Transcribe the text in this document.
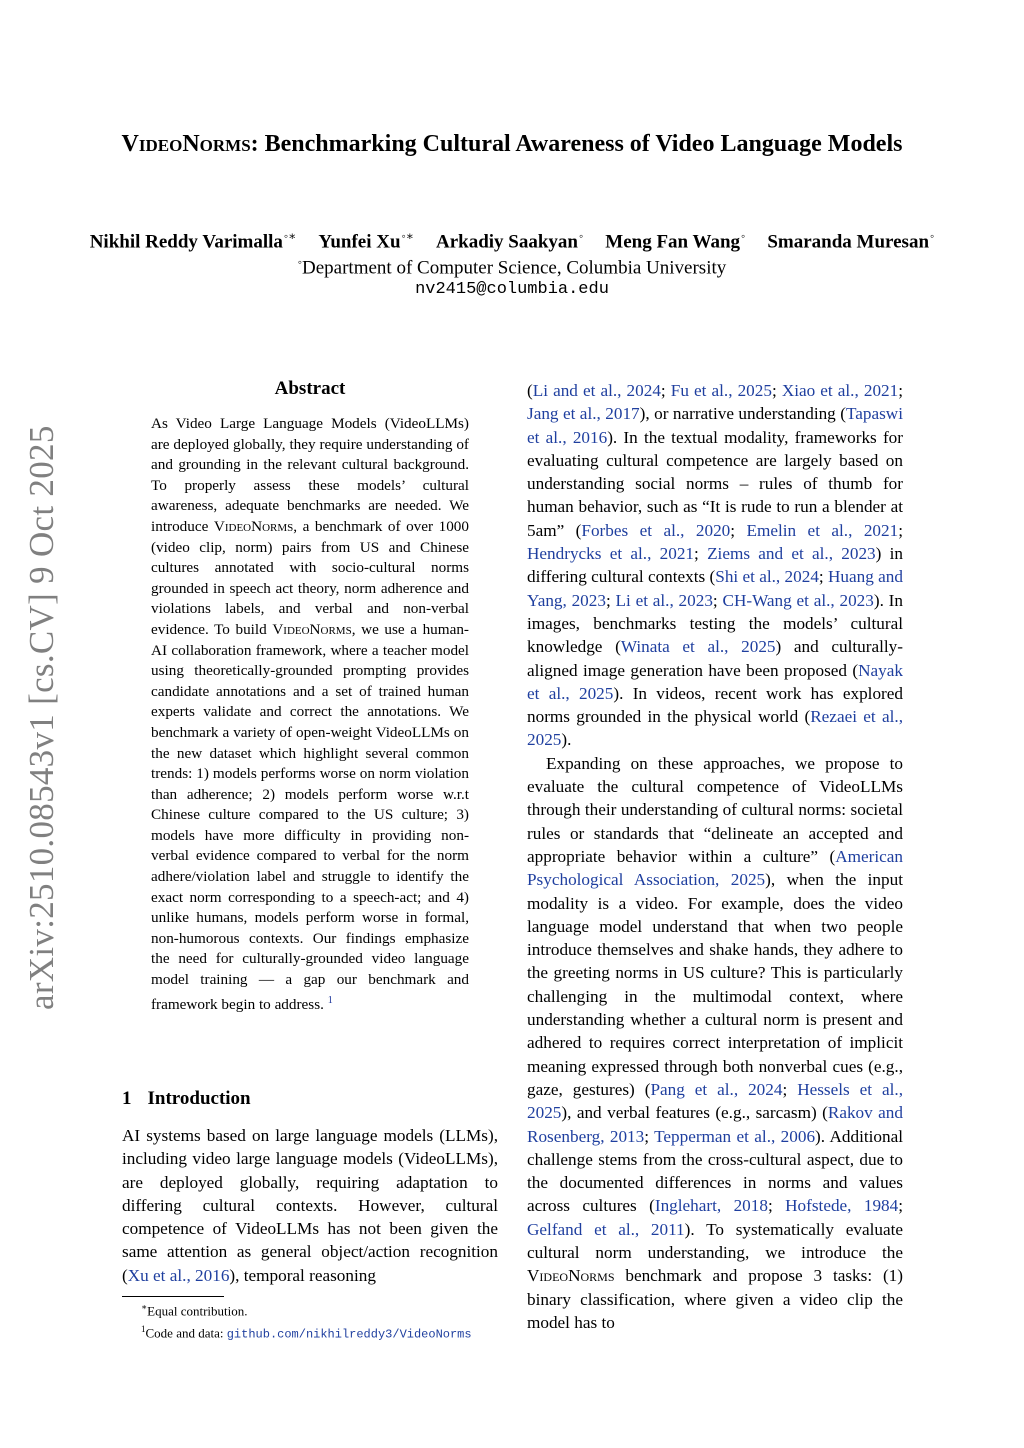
arXiv:2510.08543v1 [cs.CV] 9 Oct 2025
VideoNorms: Benchmarking Cultural Awareness of Video Language Models
Nikhil Reddy Varimalla◦∗ Yunfei Xu◦∗ Arkadiy Saakyan◦ Meng Fan Wang◦ Smaranda Muresan◦
◦Department of Computer Science, Columbia University
nv2415@columbia.edu
Abstract
As Video Large Language Models (VideoLLMs) are deployed globally, they require understanding of and grounding in the relevant cultural background. To properly assess these models’ cultural awareness, adequate benchmarks are needed. We introduce VideoNorms, a benchmark of over 1000 (video clip, norm) pairs from US and Chinese cultures annotated with socio-cultural norms grounded in speech act theory, norm adherence and violations labels, and verbal and non-verbal evidence. To build VideoNorms, we use a human-AI collaboration framework, where a teacher model using theoretically-grounded prompting provides candidate annotations and a set of trained human experts validate and correct the annotations. We benchmark a variety of open-weight VideoLLMs on the new dataset which highlight several common trends: 1) models performs worse on norm violation than adherence; 2) models perform worse w.r.t Chinese culture compared to the US culture; 3) models have more difficulty in providing non-verbal evidence compared to verbal for the norm adhere/violation label and struggle to identify the exact norm corresponding to a speech-act; and 4) unlike humans, models perform worse in formal, non-humorous contexts. Our findings emphasize the need for culturally-grounded video language model training — a gap our benchmark and framework begin to address. $^1$
1 Introduction
AI systems based on large language models (LLMs), including video large language models (VideoLLMs), are deployed globally, requiring adaptation to differing cultural contexts. However, cultural competence of VideoLLMs has not been given the same attention as general object/action recognition (Xu et al., 2016), temporal reasoning
∗Equal contribution.
$^1$Code and data: github.com/nikhilreddy3/VideoNorms

(Li and et al., 2024; Fu et al., 2025; Xiao et al., 2021; Jang et al., 2017), or narrative understanding (Tapaswi et al., 2016). In the textual modality, frameworks for evaluating cultural competence are largely based on understanding social norms – rules of thumb for human behavior, such as “It is rude to run a blender at 5am” (Forbes et al., 2020; Emelin et al., 2021; Hendrycks et al., 2021; Ziems and et al., 2023) in differing cultural contexts (Shi et al., 2024; Huang and Yang, 2023; Li et al., 2023; CH-Wang et al., 2023). In images, benchmarks testing the models’ cultural knowledge (Winata et al., 2025) and culturally-aligned image generation have been proposed (Nayak et al., 2025). In videos, recent work has explored norms grounded in the physical world (Rezaei et al., 2025).

Expanding on these approaches, we propose to evaluate the cultural competence of VideoLLMs through their understanding of cultural norms: societal rules or standards that “delineate an accepted and appropriate behavior within a culture” (American Psychological Association, 2025), when the input modality is a video. For example, does the video language model understand that when two people introduce themselves and shake hands, they adhere to the greeting norms in US culture? This is particularly challenging in the multimodal context, where understanding whether a cultural norm is present and adhered to requires correct interpretation of implicit meaning expressed through both nonverbal cues (e.g., gaze, gestures) (Pang et al., 2024; Hessels et al., 2025), and verbal features (e.g., sarcasm) (Rakov and Rosenberg, 2013; Tepperman et al., 2006). Additional challenge stems from the cross-cultural aspect, due to the documented differences in norms and values across cultures (Inglehart, 2018; Hofstede, 1984; Gelfand et al., 2011). To systematically evaluate cultural norm understanding, we introduce the VideoNorms benchmark and propose 3 tasks: (1) binary classification, where given a video clip the model has to
